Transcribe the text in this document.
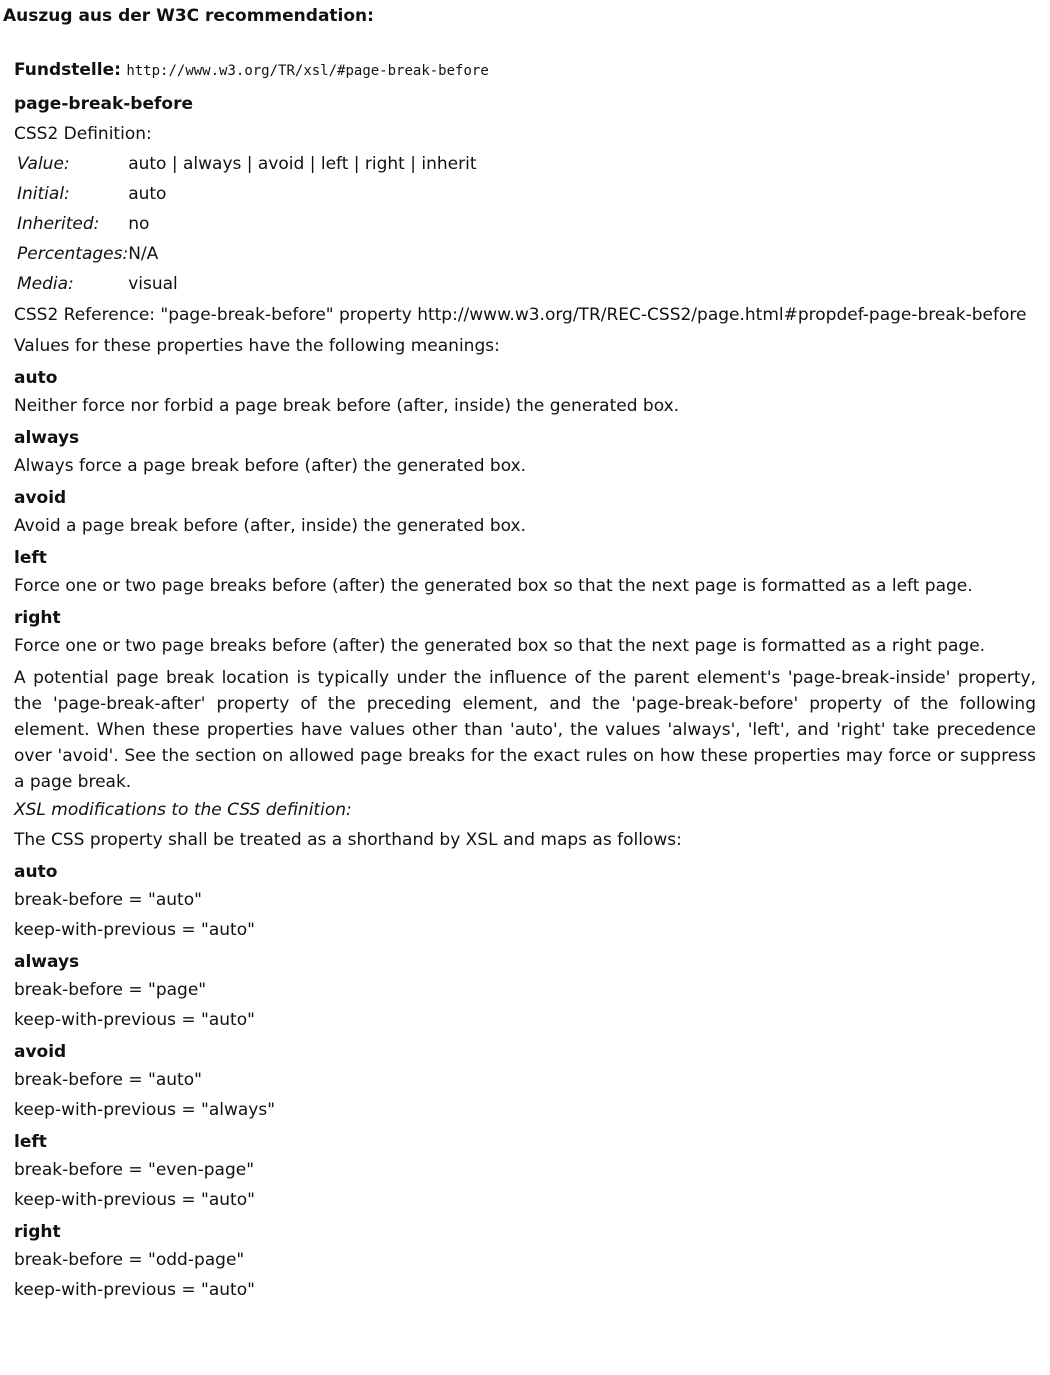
Auszug aus der W3C recommendation:
Fundstelle: http://www.w3.org/TR/xsl/#page-break-before
page-break-before
CSS2 Definition:
Value:	auto | always | avoid | left | right | inherit
Initial:	auto
Inherited:	no
Percentages:	N/A
Media:	visual
CSS2 Reference: "page-break-before" property http://www.w3.org/TR/REC-CSS2/page.html#propdef-page-break-before
Values for these properties have the following meanings:
auto
Neither force nor forbid a page break before (after, inside) the generated box.
always
Always force a page break before (after) the generated box.
avoid
Avoid a page break before (after, inside) the generated box.
left
Force one or two page breaks before (after) the generated box so that the next page is formatted as a left page.
right
Force one or two page breaks before (after) the generated box so that the next page is formatted as a right page.
A potential page break location is typically under the influence of the parent element's 'page-break-inside' property, the 'page-break-after' property of the preceding element, and the 'page-break-before' property of the following element. When these properties have values other than 'auto', the values 'always', 'left', and 'right' take precedence over 'avoid'. See the section on allowed page breaks for the exact rules on how these properties may force or suppress a page break.
XSL modifications to the CSS definition:
The CSS property shall be treated as a shorthand by XSL and maps as follows:
auto
break-before = "auto"
keep-with-previous = "auto"
always
break-before = "page"
keep-with-previous = "auto"
avoid
break-before = "auto"
keep-with-previous = "always"
left
break-before = "even-page"
keep-with-previous = "auto"
right
break-before = "odd-page"
keep-with-previous = "auto"
